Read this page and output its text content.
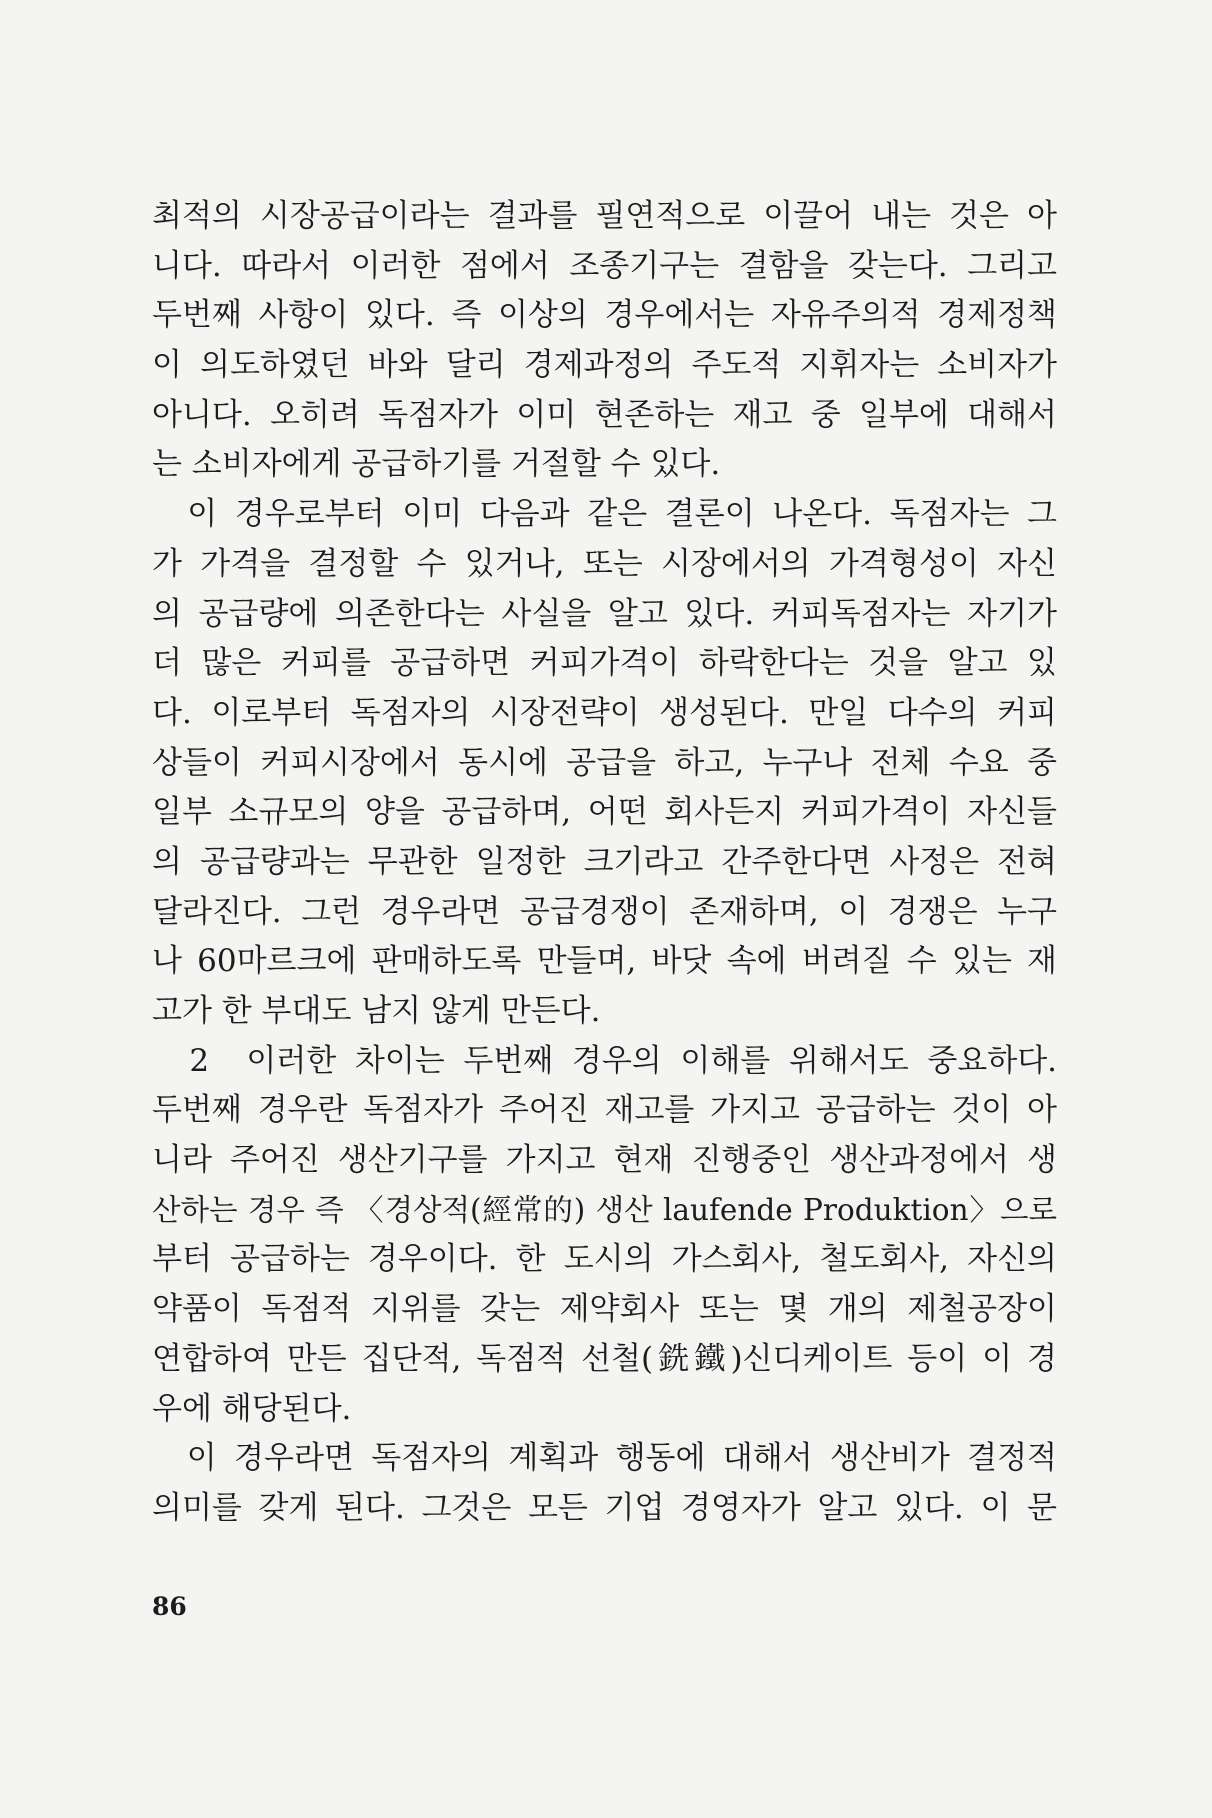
최적의 시장공급이라는 결과를 필연적으로 이끌어 내는 것은 아
니다. 따라서 이러한 점에서 조종기구는 결함을 갖는다. 그리고
두번째 사항이 있다. 즉 이상의 경우에서는 자유주의적 경제정책
이 의도하였던 바와 달리 경제과정의 주도적 지휘자는 소비자가
아니다. 오히려 독점자가 이미 현존하는 재고 중 일부에 대해서
는 소비자에게 공급하기를 거절할 수 있다.
이 경우로부터 이미 다음과 같은 결론이 나온다. 독점자는 그
가 가격을 결정할 수 있거나, 또는 시장에서의 가격형성이 자신
의 공급량에 의존한다는 사실을 알고 있다. 커피독점자는 자기가
더 많은 커피를 공급하면 커피가격이 하락한다는 것을 알고 있
다. 이로부터 독점자의 시장전략이 생성된다. 만일 다수의 커피
상들이 커피시장에서 동시에 공급을 하고, 누구나 전체 수요 중
일부 소규모의 양을 공급하며, 어떤 회사든지 커피가격이 자신들
의 공급량과는 무관한 일정한 크기라고 간주한다면 사정은 전혀
달라진다. 그런 경우라면 공급경쟁이 존재하며, 이 경쟁은 누구
나 60마르크에 판매하도록 만들며, 바닷 속에 버려질 수 있는 재
고가 한 부대도 남지 않게 만든다.
2  이러한 차이는 두번째 경우의 이해를 위해서도 중요하다.
두번째 경우란 독점자가 주어진 재고를 가지고 공급하는 것이 아
니라 주어진 생산기구를 가지고 현재 진행중인 생산과정에서 생
산하는 경우 즉 〈경상적(經常的) 생산 laufende Produktion〉으로
부터 공급하는 경우이다. 한 도시의 가스회사, 철도회사, 자신의
약품이 독점적 지위를 갖는 제약회사 또는 몇 개의 제철공장이
연합하여 만든 집단적, 독점적 선철(銑鐵)신디케이트 등이 이 경
우에 해당된다.
이 경우라면 독점자의 계획과 행동에 대해서 생산비가 결정적
의미를 갖게 된다. 그것은 모든 기업 경영자가 알고 있다. 이 문
86
